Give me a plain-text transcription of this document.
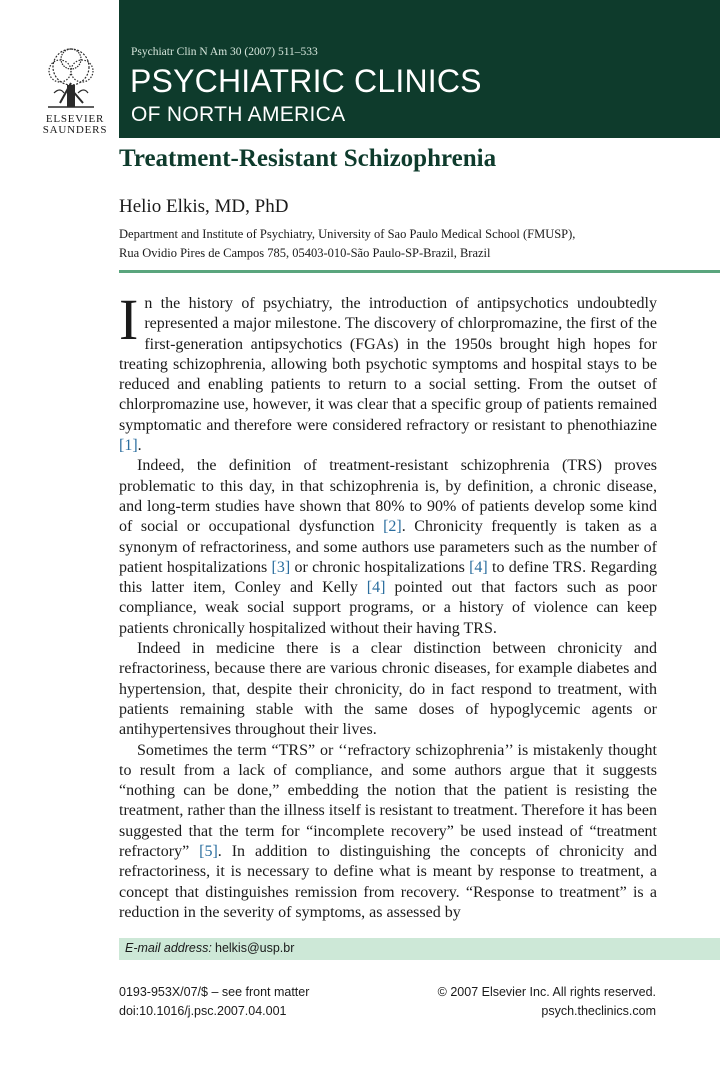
ELSEVIER
SAUNDERS
Psychiatr Clin N Am 30 (2007) 511–533
PSYCHIATRIC CLINICS
OF NORTH AMERICA
Treatment-Resistant Schizophrenia
Helio Elkis, MD, PhD
Department and Institute of Psychiatry, University of Sao Paulo Medical School (FMUSP),
Rua Ovidio Pires de Campos 785, 05403-010-São Paulo-SP-Brazil, Brazil

In the history of psychiatry, the introduction of antipsychotics undoubtedly represented a major milestone. The discovery of chlorpromazine, the first of the first-generation antipsychotics (FGAs) in the 1950s brought high hopes for treating schizophrenia, allowing both psychotic symptoms and hospital stays to be reduced and enabling patients to return to a social setting. From the outset of chlorpromazine use, however, it was clear that a specific group of patients remained symptomatic and therefore were considered refractory or resistant to phenothiazine [1].

Indeed, the definition of treatment-resistant schizophrenia (TRS) proves problematic to this day, in that schizophrenia is, by definition, a chronic disease, and long-term studies have shown that 80% to 90% of patients develop some kind of social or occupational dysfunction [2]. Chronicity frequently is taken as a synonym of refractoriness, and some authors use parameters such as the number of patient hospitalizations [3] or chronic hospitalizations [4] to define TRS. Regarding this latter item, Conley and Kelly [4] pointed out that factors such as poor compliance, weak social support programs, or a history of violence can keep patients chronically hospitalized without their having TRS.

Indeed in medicine there is a clear distinction between chronicity and refractoriness, because there are various chronic diseases, for example diabetes and hypertension, that, despite their chronicity, do in fact respond to treatment, with patients remaining stable with the same doses of hypoglycemic agents or antihypertensives throughout their lives.

Sometimes the term “TRS” or ‘‘refractory schizophrenia’’ is mistakenly thought to result from a lack of compliance, and some authors argue that it suggests “nothing can be done,” embedding the notion that the patient is resisting the treatment, rather than the illness itself is resistant to treatment. Therefore it has been suggested that the term for “incomplete recovery” be used instead of “treatment refractory” [5]. In addition to distinguishing the concepts of chronicity and refractoriness, it is necessary to define what is meant by response to treatment, a concept that distinguishes remission from recovery. “Response to treatment” is a reduction in the severity of symptoms, as assessed by

E-mail address: helkis@usp.br
0193-953X/07/$ – see front matter
doi:10.1016/j.psc.2007.04.001
© 2007 Elsevier Inc. All rights reserved.
psych.theclinics.com
